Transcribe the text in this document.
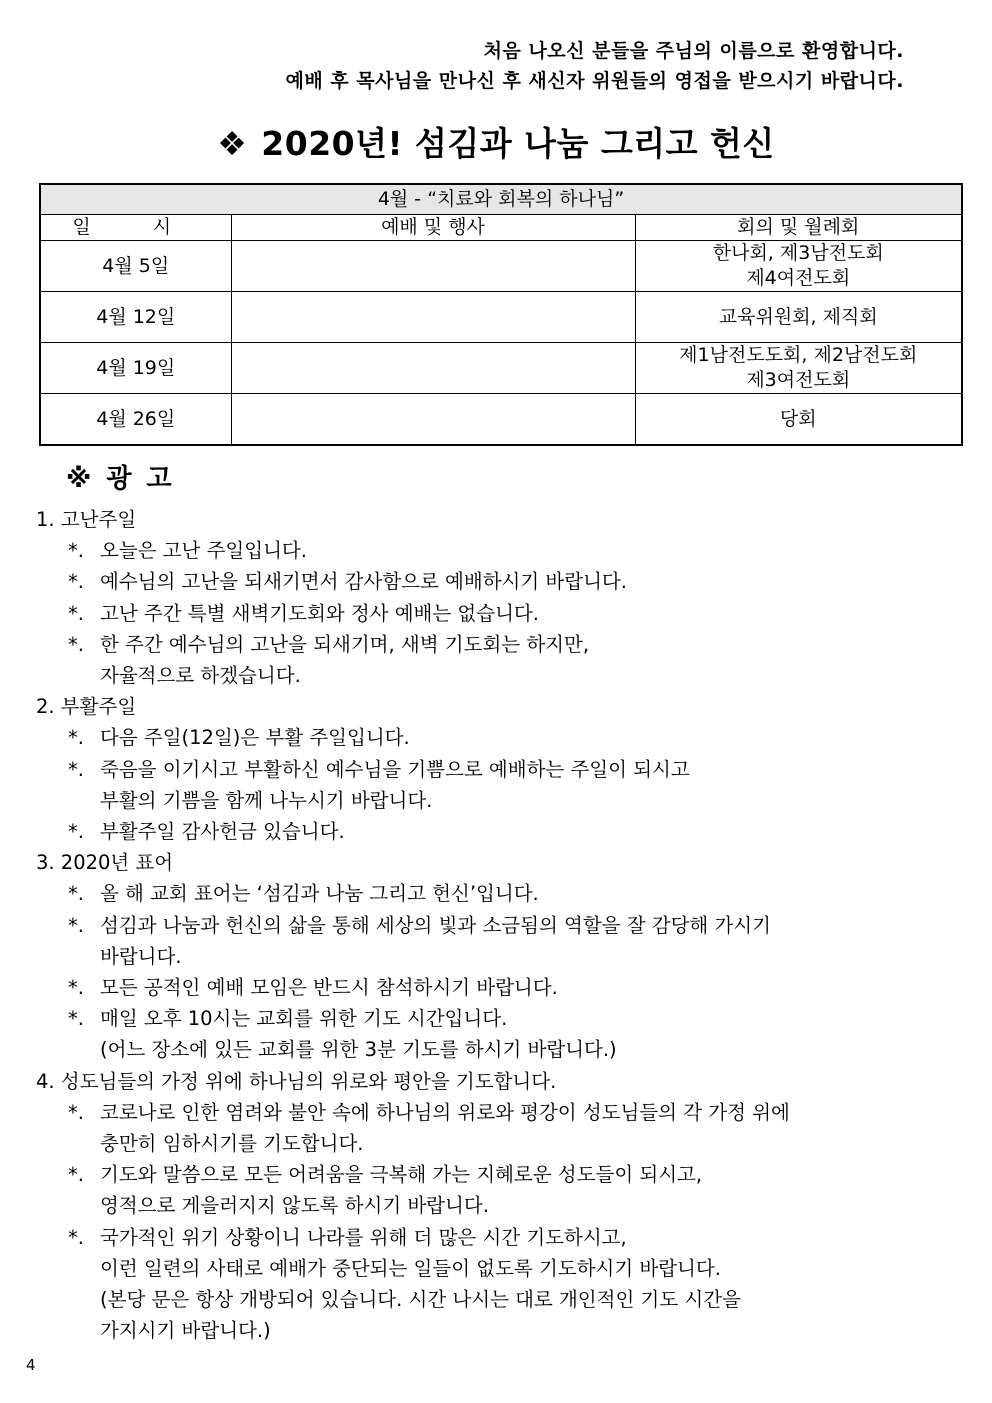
처음 나오신 분들을 주님의 이름으로 환영합니다.
예배 후 목사님을 만나신 후 새신자 위원들의 영접을 받으시기 바랍니다.
❖ 2020년! 섬김과 나눔 그리고 헌신
4월 - “치료와 회복의 하나님”		
일 시	예배 및 행사	회의 및 월례회
4월 5일		한나회, 제3남전도회
제4여전도회

4월 12일		교육위원회, 제직회

4월 19일		제1남전도도회, 제2남전도회
제3여전도회

4월 26일		당회
※ 광 고
1. 고난주일
*. 오늘은 고난 주일입니다.
*. 예수님의 고난을 되새기면서 감사함으로 예배하시기 바랍니다.
*. 고난 주간 특별 새벽기도회와 정사 예배는 없습니다.
*. 한 주간 예수님의 고난을 되새기며, 새벽 기도회는 하지만,
자율적으로 하겠습니다.
2. 부활주일
*. 다음 주일(12일)은 부활 주일입니다.
*. 죽음을 이기시고 부활하신 예수님을 기쁨으로 예배하는 주일이 되시고
부활의 기쁨을 함께 나누시기 바랍니다.
*. 부활주일 감사헌금 있습니다.
3. 2020년 표어
*. 올 해 교회 표어는 ‘섬김과 나눔 그리고 헌신’입니다.
*. 섬김과 나눔과 헌신의 삶을 통해 세상의 빛과 소금됨의 역할을 잘 감당해 가시기
바랍니다.
*. 모든 공적인 예배 모임은 반드시 참석하시기 바랍니다.
*. 매일 오후 10시는 교회를 위한 기도 시간입니다.
(어느 장소에 있든 교회를 위한 3분 기도를 하시기 바랍니다.)
4. 성도님들의 가정 위에 하나님의 위로와 평안을 기도합니다.
*. 코로나로 인한 염려와 불안 속에 하나님의 위로와 평강이 성도님들의 각 가정 위에
충만히 임하시기를 기도합니다.
*. 기도와 말씀으로 모든 어려움을 극복해 가는 지혜로운 성도들이 되시고,
영적으로 게을러지지 않도록 하시기 바랍니다.
*. 국가적인 위기 상황이니 나라를 위해 더 많은 시간 기도하시고,
이런 일련의 사태로 예배가 중단되는 일들이 없도록 기도하시기 바랍니다.
(본당 문은 항상 개방되어 있습니다. 시간 나시는 대로 개인적인 기도 시간을
가지시기 바랍니다.)
4
